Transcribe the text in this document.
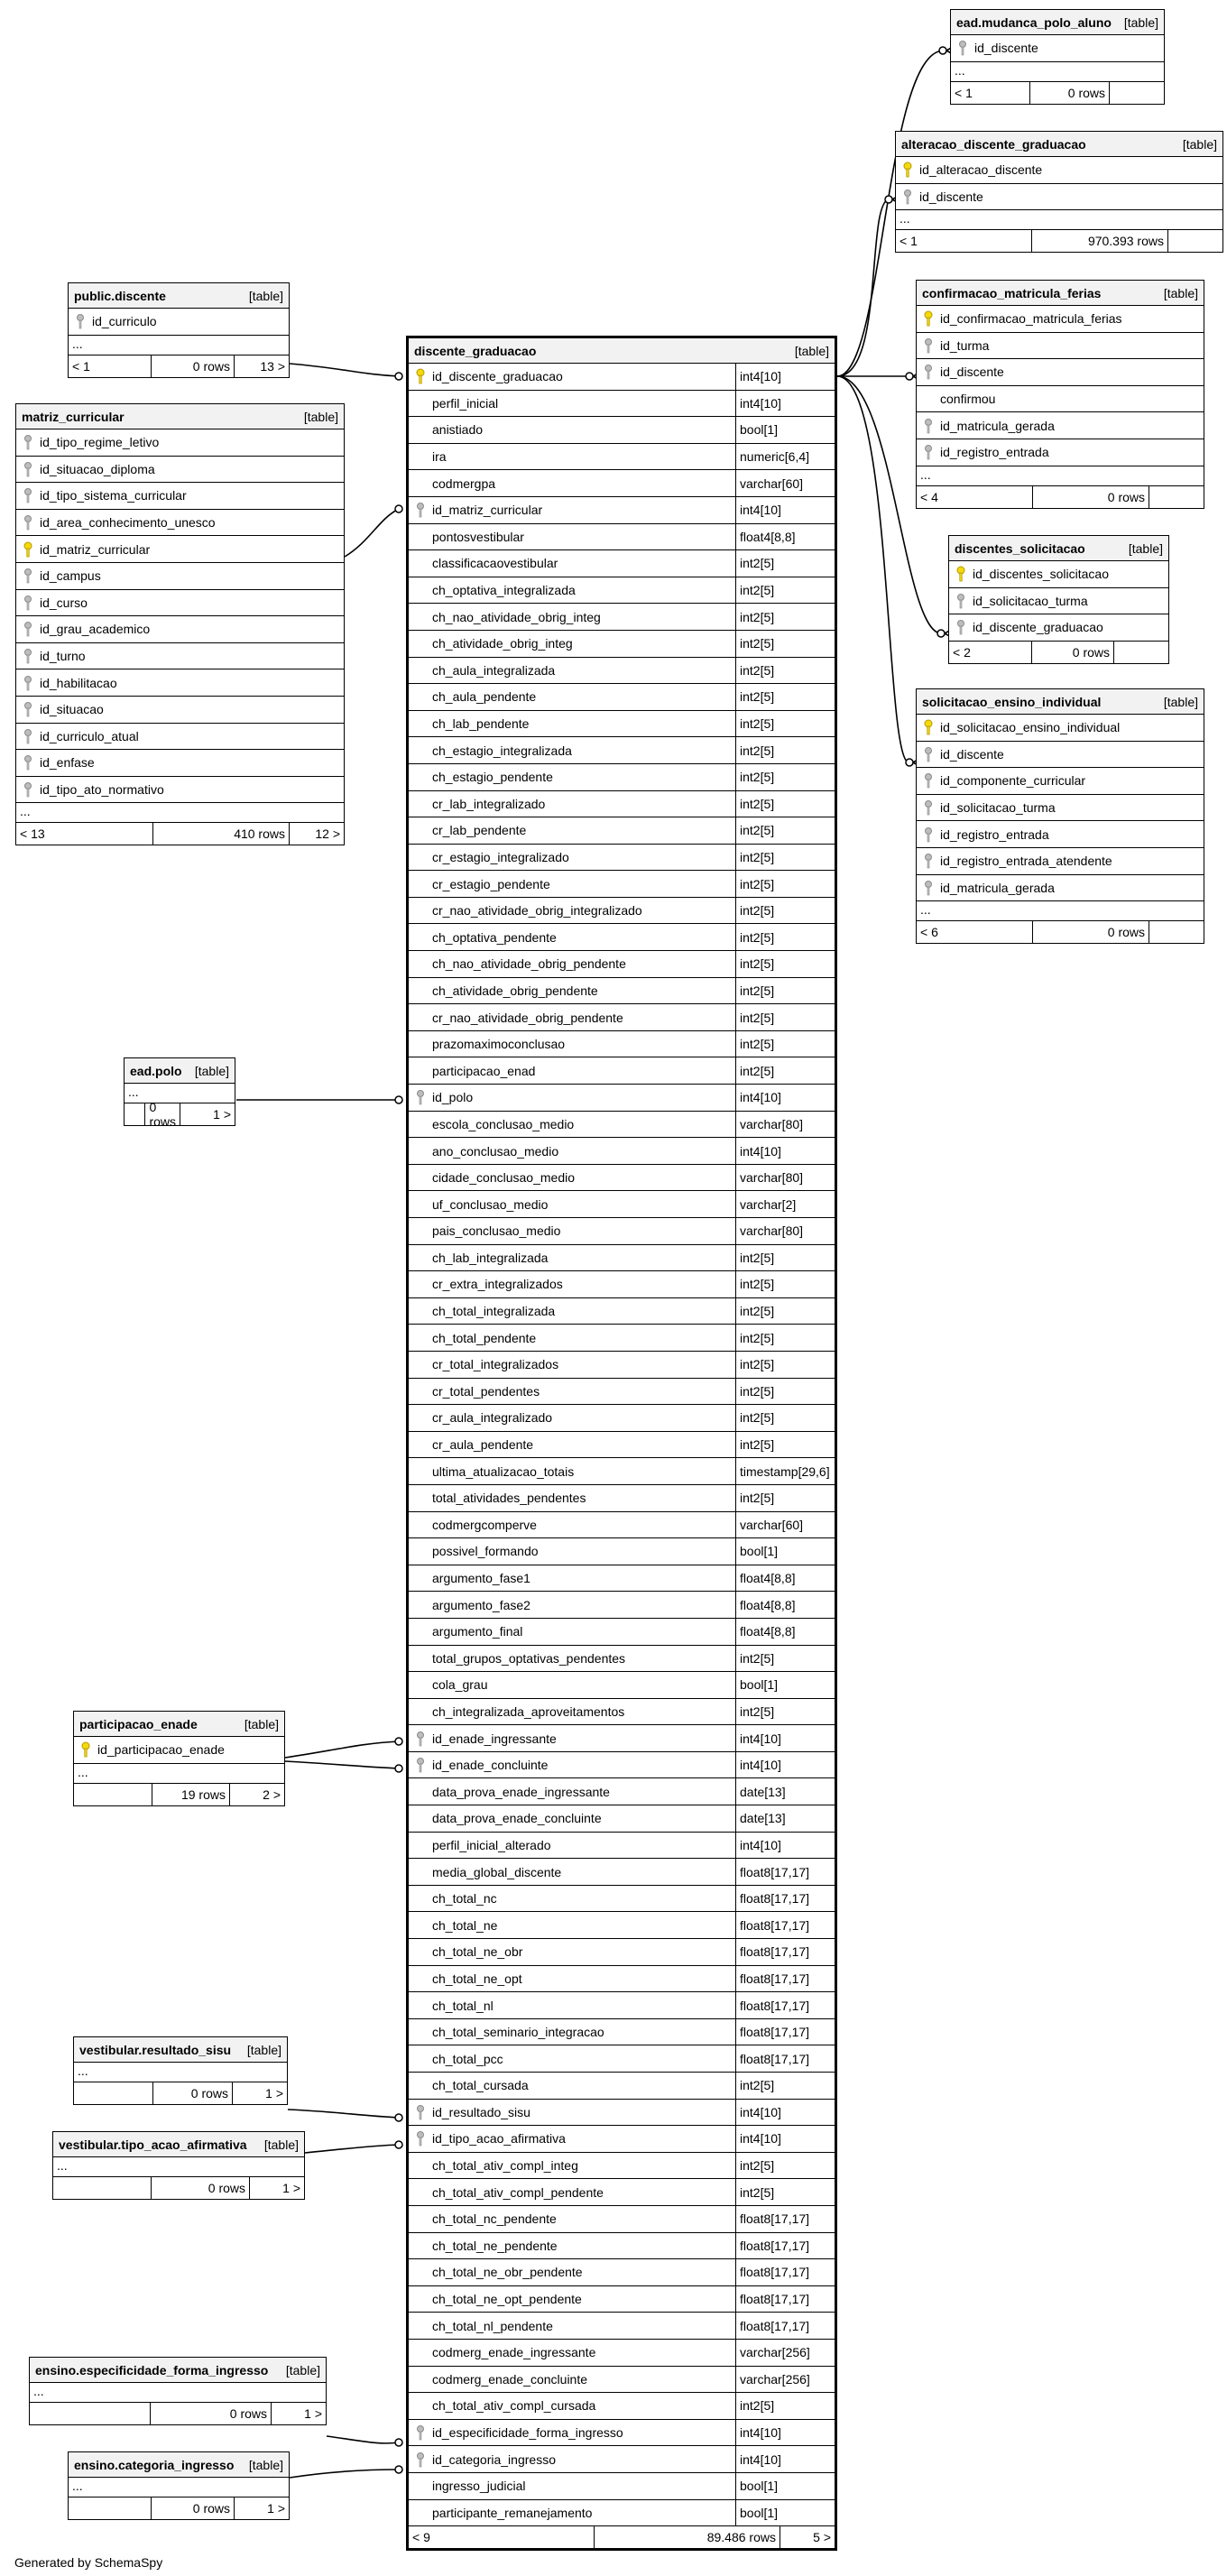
discente_graduacao	[table]
id_discente_graduacao	int4[10]
perfil_inicial	int4[10]
anistiado	bool[1]
ira	numeric[6,4]
codmergpa	varchar[60]
id_matriz_curricular	int4[10]
pontosvestibular	float4[8,8]
classificacaovestibular	int2[5]
ch_optativa_integralizada	int2[5]
ch_nao_atividade_obrig_integ	int2[5]
ch_atividade_obrig_integ	int2[5]
ch_aula_integralizada	int2[5]
ch_aula_pendente	int2[5]
ch_lab_pendente	int2[5]
ch_estagio_integralizada	int2[5]
ch_estagio_pendente	int2[5]
cr_lab_integralizado	int2[5]
cr_lab_pendente	int2[5]
cr_estagio_integralizado	int2[5]
cr_estagio_pendente	int2[5]
cr_nao_atividade_obrig_integralizado	int2[5]
ch_optativa_pendente	int2[5]
ch_nao_atividade_obrig_pendente	int2[5]
ch_atividade_obrig_pendente	int2[5]
cr_nao_atividade_obrig_pendente	int2[5]
prazomaximoconclusao	int2[5]
participacao_enad	int2[5]
id_polo	int4[10]
escola_conclusao_medio	varchar[80]
ano_conclusao_medio	int4[10]
cidade_conclusao_medio	varchar[80]
uf_conclusao_medio	varchar[2]
pais_conclusao_medio	varchar[80]
ch_lab_integralizada	int2[5]
cr_extra_integralizados	int2[5]
ch_total_integralizada	int2[5]
ch_total_pendente	int2[5]
cr_total_integralizados	int2[5]
cr_total_pendentes	int2[5]
cr_aula_integralizado	int2[5]
cr_aula_pendente	int2[5]
ultima_atualizacao_totais	timestamp[29,6]
total_atividades_pendentes	int2[5]
codmergcomperve	varchar[60]
possivel_formando	bool[1]
argumento_fase1	float4[8,8]
argumento_fase2	float4[8,8]
argumento_final	float4[8,8]
total_grupos_optativas_pendentes	int2[5]
cola_grau	bool[1]
ch_integralizada_aproveitamentos	int2[5]
id_enade_ingressante	int4[10]
id_enade_concluinte	int4[10]
data_prova_enade_ingressante	date[13]
data_prova_enade_concluinte	date[13]
perfil_inicial_alterado	int4[10]
media_global_discente	float8[17,17]
ch_total_nc	float8[17,17]
ch_total_ne	float8[17,17]
ch_total_ne_obr	float8[17,17]
ch_total_ne_opt	float8[17,17]
ch_total_nl	float8[17,17]
ch_total_seminario_integracao	float8[17,17]
ch_total_pcc	float8[17,17]
ch_total_cursada	int2[5]
id_resultado_sisu	int4[10]
id_tipo_acao_afirmativa	int4[10]
ch_total_ativ_compl_integ	int2[5]
ch_total_ativ_compl_pendente	int2[5]
ch_total_nc_pendente	float8[17,17]
ch_total_ne_pendente	float8[17,17]
ch_total_ne_obr_pendente	float8[17,17]
ch_total_ne_opt_pendente	float8[17,17]
ch_total_nl_pendente	float8[17,17]
codmerg_enade_ingressante	varchar[256]
codmerg_enade_concluinte	varchar[256]
ch_total_ativ_compl_cursada	int2[5]
id_especificidade_forma_ingresso	int4[10]
id_categoria_ingresso	int4[10]
ingresso_judicial	bool[1]
participante_remanejamento	bool[1]
< 9	89.486 rows	5 >
public.discente	[table]
id_curriculo
...
< 1	0 rows	13 >
matriz_curricular	[table]
id_tipo_regime_letivo
id_situacao_diploma
id_tipo_sistema_curricular
id_area_conhecimento_unesco
id_matriz_curricular
id_campus
id_curso
id_grau_academico
id_turno
id_habilitacao
id_situacao
id_curriculo_atual
id_enfase
id_tipo_ato_normativo
...
< 13	410 rows	12 >
ead.polo [table]
...
0 rows	1 >
participacao_enade	[table]
id_participacao_enade
...
19 rows	2 >
vestibular.resultado_sisu [table]
...
0 rows	1 >
vestibular.tipo_acao_afirmativa [table]
...
0 rows	1 >
ensino.especificidade_forma_ingresso [table]
...
0 rows	1 >
ensino.categoria_ingresso [table]
...
0 rows	1 >
ead.mudanca_polo_aluno [table]
id_discente
...
< 1	0 rows
alteracao_discente_graduacao	[table]
id_alteracao_discente
id_discente
...
< 1	970.393 rows
confirmacao_matricula_ferias	[table]
id_confirmacao_matricula_ferias
id_turma
id_discente
confirmou
id_matricula_gerada
id_registro_entrada
...
< 4	0 rows
discentes_solicitacao	[table]
id_discentes_solicitacao
id_solicitacao_turma
id_discente_graduacao
< 2	0 rows
solicitacao_ensino_individual	[table]
id_solicitacao_ensino_individual
id_discente
id_componente_curricular
id_solicitacao_turma
id_registro_entrada
id_registro_entrada_atendente
id_matricula_gerada
...
< 6	0 rows
Generated by SchemaSpy
